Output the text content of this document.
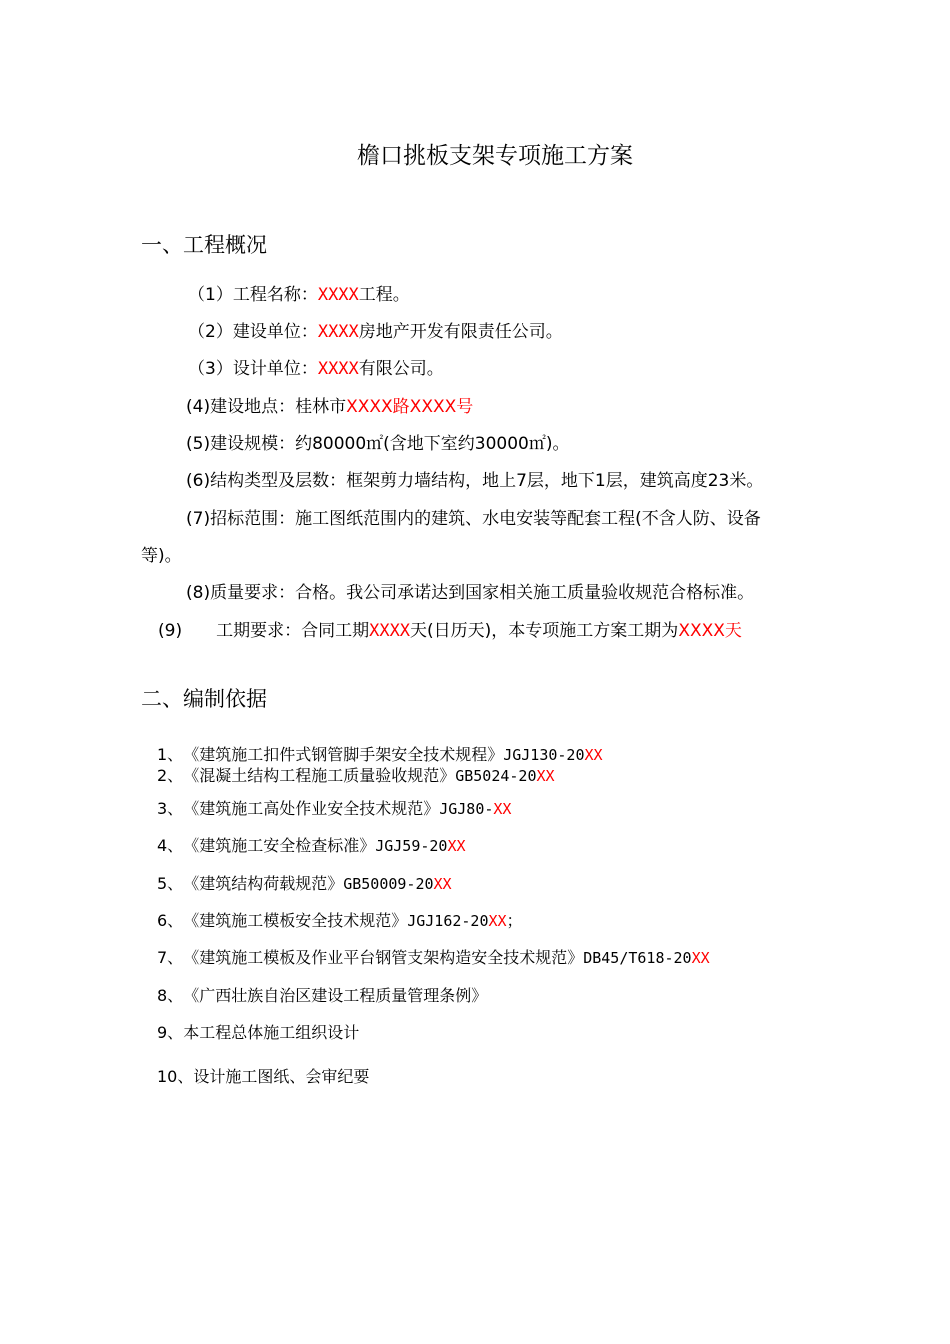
檐口挑板支架专项施工方案
一、工程概况
（1）工程名称：XXXX工程。
（2）建设单位：XXXX房地产开发有限责任公司。
（3）设计单位：XXXX有限公司。
(4)建设地点：桂林市XXXX路XXXX号
(5)建设规模：约80000㎡(含地下室约30000㎡)。
(6)结构类型及层数：框架剪力墙结构，地上7层，地下1层，建筑高度23米。
(7)招标范围：施工图纸范围内的建筑、水电安装等配套工程(不含人防、设备
等)。
(8)质量要求：合格。我公司承诺达到国家相关施工质量验收规范合格标准。
(9) 工期要求：合同工期XXXX天(日历天)，本专项施工方案工期为XXXX天
二、编制依据
1、《建筑施工扣件式钢管脚手架安全技术规程》JGJ130-20XX
2、《混凝土结构工程施工质量验收规范》GB5024-20XX
3、《建筑施工高处作业安全技术规范》JGJ80-XX
4、《建筑施工安全检查标准》JGJ59-20XX
5、《建筑结构荷载规范》GB50009-20XX
6、《建筑施工模板安全技术规范》JGJ162-20XX；
7、《建筑施工模板及作业平台钢管支架构造安全技术规范》DB45/T618-20XX
8、《广西壮族自治区建设工程质量管理条例》
9、本工程总体施工组织设计
10、设计施工图纸、会审纪要
